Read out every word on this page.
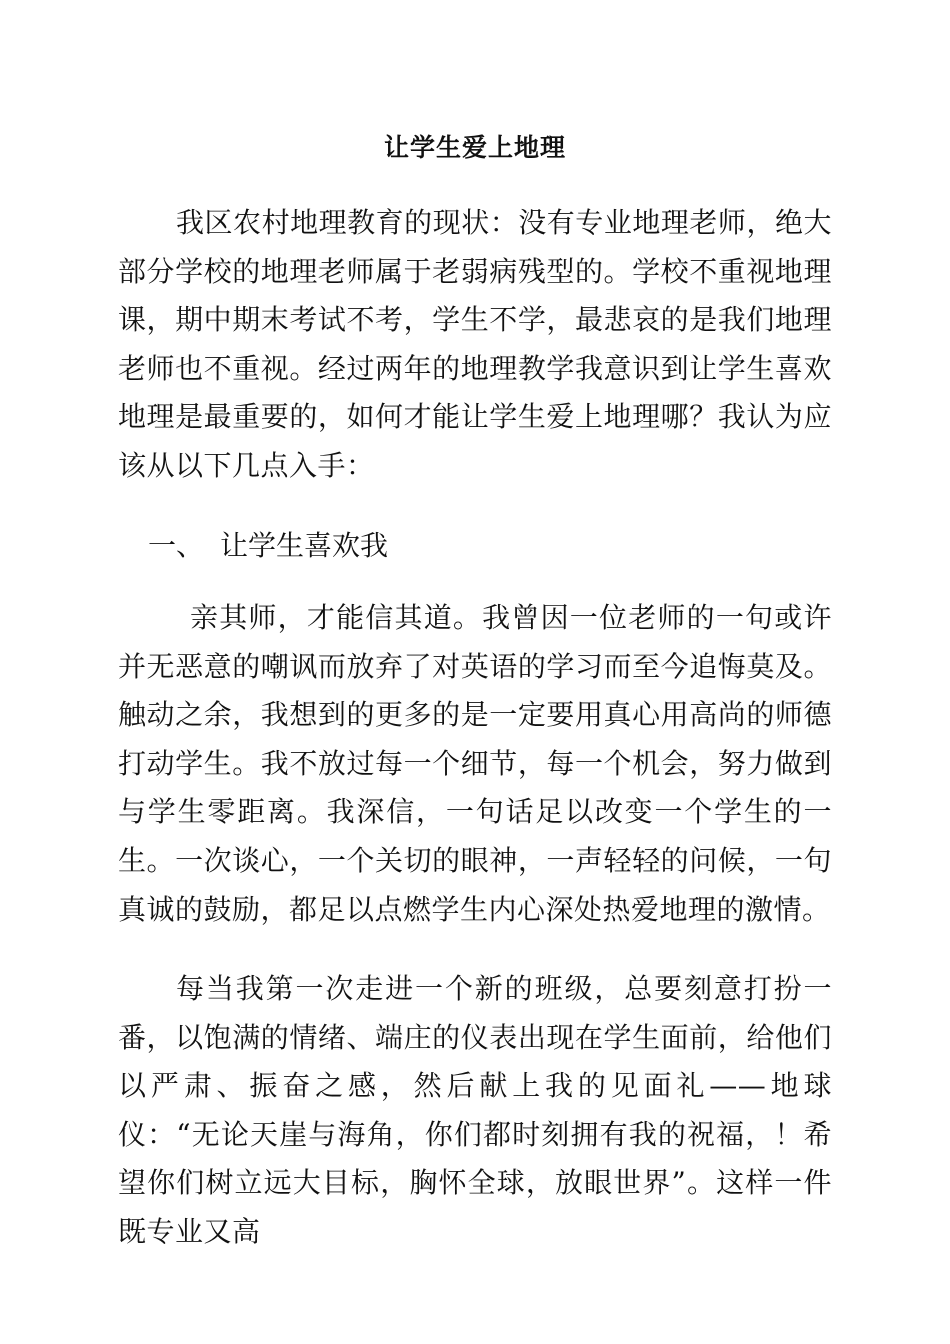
让学生爱上地理

我区农村地理教育的现状：没有专业地理老师，绝大部分学校的地理老师属于老弱病残型的。学校不重视地理课，期中期末考试不考，学生不学，最悲哀的是我们地理老师也不重视。经过两年的地理教学我意识到让学生喜欢地理是最重要的，如何才能让学生爱上地理哪？我认为应该从以下几点入手：

一、 让学生喜欢我

亲其师，才能信其道。我曾因一位老师的一句或许并无恶意的嘲讽而放弃了对英语的学习而至今追悔莫及。触动之余，我想到的更多的是一定要用真心用高尚的师德打动学生。我不放过每一个细节，每一个机会，努力做到与学生零距离。我深信，一句话足以改变一个学生的一生。一次谈心，一个关切的眼神，一声轻轻的问候，一句真诚的鼓励，都足以点燃学生内心深处热爱地理的激情。

每当我第一次走进一个新的班级，总要刻意打扮一番，以饱满的情绪、端庄的仪表出现在学生面前，给他们以严肃、振奋之感，然后献上我的见面礼——地球仪：“无论天崖与海角，你们都时刻拥有我的祝福，！希望你们树立远大目标，胸怀全球，放眼世界”。这样一件既专业又高
